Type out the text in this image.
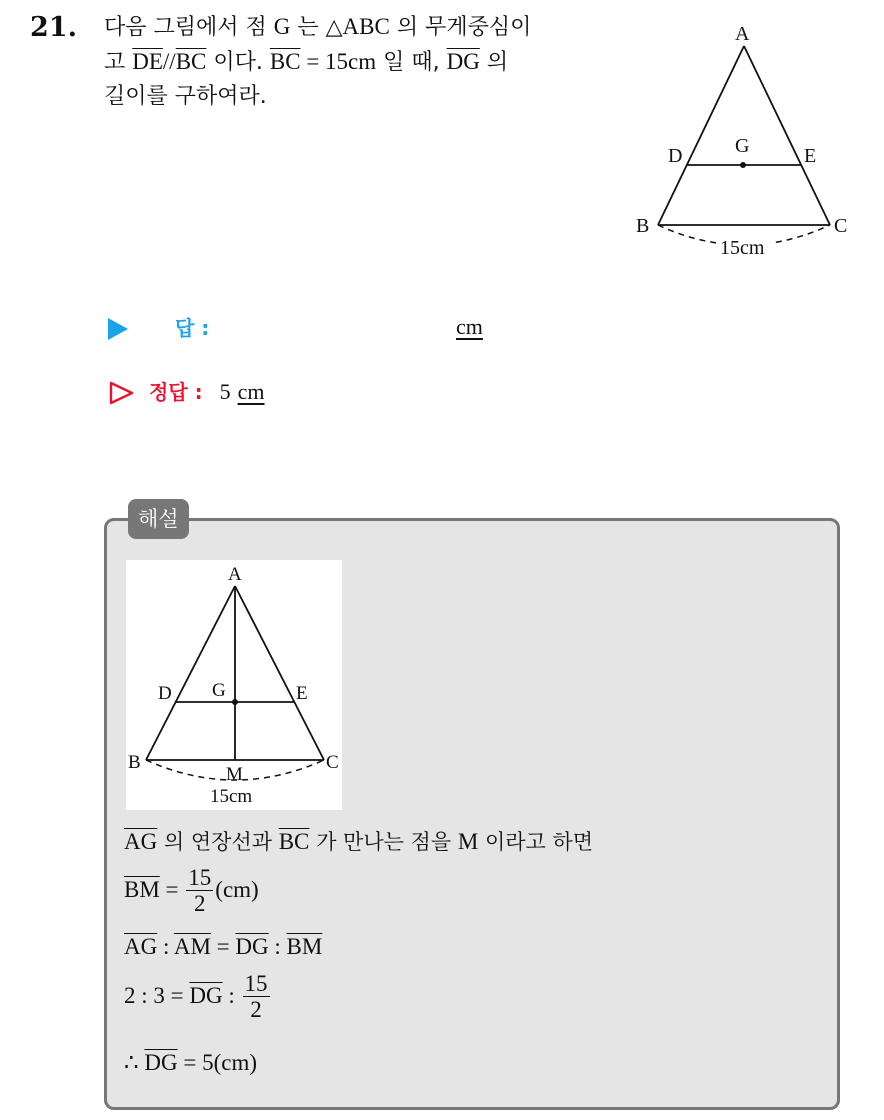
21. 다음 그림에서 점 G 는 △ABC 의 무게중심이
고 $\overline{DE}//\overline{BC}$ 이다. $\overline{BC} = 15cm$ 일 때, $\overline{DG}$ 의
길이를 구하여라.
A
D	G	E
B	C
15cm
답 :	cm
정답 : 5 cm
해설
A
D G	E
B	C
M
15cm
$\overline{AG}$ 의 연장선과 $\overline{BC}$ 가 만나는 점을 M 이라고 하면
$\overline{BM} = \frac{15}{2} (cm)$
$\overline{AG}$ : $\overline{AM} = \overline{DG}$ : $\overline{BM}$
2 : $3 = \overline{DG}$ : $\frac{15}{2}$
∴ $\overline{DG} = 5(cm)$
